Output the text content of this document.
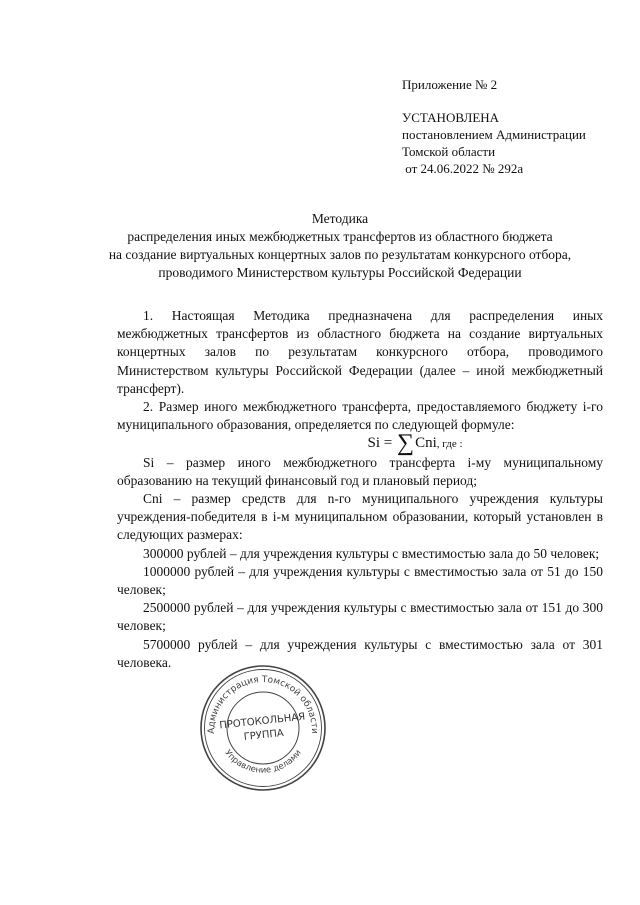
Приложение № 2
УСТАНОВЛЕНА
постановлением Администрации
Томской области
от 24.06.2022 № 292а
Методика
распределения иных межбюджетных трансфертов из областного бюджета
на создание виртуальных концертных залов по результатам конкурсного отбора,
проводимого Министерством культуры Российской Федерации

1. Настоящая Методика предназначена для распределения иных межбюджетных трансфертов из областного бюджета на создание виртуальных концертных залов по результатам конкурсного отбора, проводимого Министерством культуры Российской Федерации (далее – иной межбюджетный трансферт).

2. Размер иного межбюджетного трансферта, предоставляемого бюджету i-го муниципального образования, определяется по следующей формуле:

Si = ∑Cni, где :

Si – размер иного межбюджетного трансферта i-му муниципальному образованию на текущий финансовый год и плановый период;

Cni – размер средств для n-го муниципального учреждения культуры учреждения-победителя в i-м муниципальном образовании, который установлен в следующих размерах:

300000 рублей – для учреждения культуры с вместимостью зала до 50 человек;

1000000 рублей – для учреждения культуры с вместимостью зала от 51 до 150 человек;

2500000 рублей – для учреждения культуры с вместимостью зала от 151 до 300 человек;

5700000 рублей – для учреждения культуры с вместимостью зала от 301 человека.

Администрация Томской области
Управление делами
ПРОТОКОЛЬНАЯ
ГРУППА
